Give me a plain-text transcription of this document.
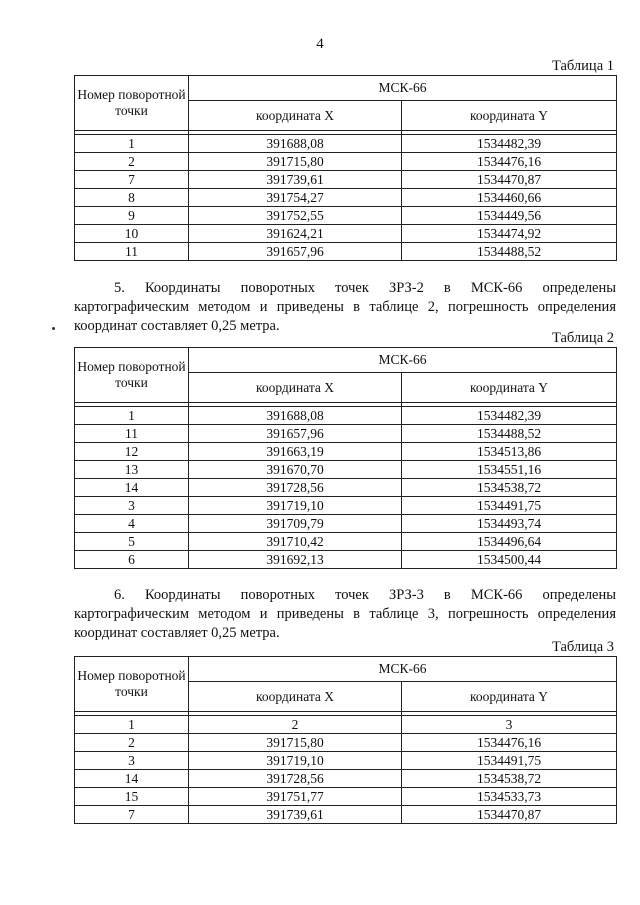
4
Таблица 1
Номер поворотной точки	МСК-66	
	координата X	координата Y

1	391688,08	1534482,39
2	391715,80	1534476,16
7	391739,61	1534470,87
8	391754,27	1534460,66
9	391752,55	1534449,56
10	391624,21	1534474,92
11	391657,96	1534488,52
5. Координаты поворотных точек ЗРЗ-2 в МСК-66 определены картографическим методом и приведены в таблице 2, погрешность определения координат составляет 0,25 метра.
Таблица 2
Номер поворотной точки	МСК-66	
	координата X	координата Y

1	391688,08	1534482,39
11	391657,96	1534488,52
12	391663,19	1534513,86
13	391670,70	1534551,16
14	391728,56	1534538,72
3	391719,10	1534491,75
4	391709,79	1534493,74
5	391710,42	1534496,64
6	391692,13	1534500,44
6. Координаты поворотных точек ЗРЗ-3 в МСК-66 определены картографическим методом и приведены в таблице 3, погрешность определения координат составляет 0,25 метра.
Таблица 3
Номер поворотной точки	МСК-66	
	координата X	координата Y

1	2	3
2	391715,80	1534476,16
3	391719,10	1534491,75
14	391728,56	1534538,72
15	391751,77	1534533,73
7	391739,61	1534470,87
